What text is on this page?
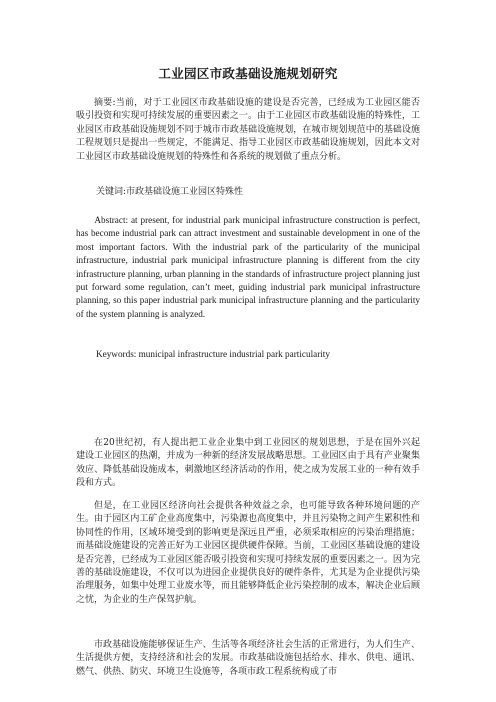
工业园区市政基础设施规划研究
摘要:当前，对于工业园区市政基础设施的建设是否完善，已经成为工业园区能否吸引投资和实现可持续发展的重要因素之一。由于工业园区市政基础设施的特殊性，工业园区市政基础设施规划不同于城市市政基础设施规划，在城市规划规范中的基础设施工程规划只是提出一些规定，不能满足、指导工业园区市政基础设施规划，因此本文对工业园区市政基础设施规划的特殊性和各系统的规划做了重点分析。
关键词:市政基础设施工业园区特殊性
Abstract: at present, for industrial park municipal infrastructure construction is perfect, has become industrial park can attract investment and sustainable development in one of the most important factors. With the industrial park of the particularity of the municipal infrastructure, industrial park municipal infrastructure planning is different from the city infrastructure planning, urban planning in the standards of infrastructure project planning just put forward some regulation, can’t meet, guiding industrial park municipal infrastructure planning, so this paper industrial park municipal infrastructure planning and the particularity of the system planning is analyzed.
Keywords: municipal infrastructure industrial park particularity
在20世纪初，有人提出把工业企业集中到工业园区的规划思想，于是在国外兴起建设工业园区的热潮，并成为一种新的经济发展战略思想。工业园区由于具有产业聚集效应、降低基础设施成本，刺激地区经济活动的作用，使之成为发展工业的一种有效手段和方式。
但是，在工业园区经济向社会提供各种效益之余，也可能导致各种环境问题的产生。由于园区内工矿企业高度集中，污染源也高度集中，并且污染物之间产生累积性和协同性的作用，区域环境受到的影响更是深远且严重，必须采取相应的污染治理措施；而基础设施建设的完善正好为工业园区提供硬件保障。当前，工业园区基础设施的建设是否完善，已经成为工业园区能否吸引投资和实现可持续发展的重要因素之一。因为完善的基础设施建设，不仅可以为进园企业提供良好的硬件条件，尤其是为企业提供污染治理服务，如集中处理工业废水等，而且能够降低企业污染控制的成本，解决企业后顾之忧，为企业的生产保驾护航。
市政基础设施能够保证生产、生活等各项经济社会生活的正常进行，为人们生产、生活提供方便，支持经济和社会的发展。市政基础设施包括给水、排水、供电、通讯、燃气、供热、防灾、环境卫生设施等，各项市政工程系统构成了市
